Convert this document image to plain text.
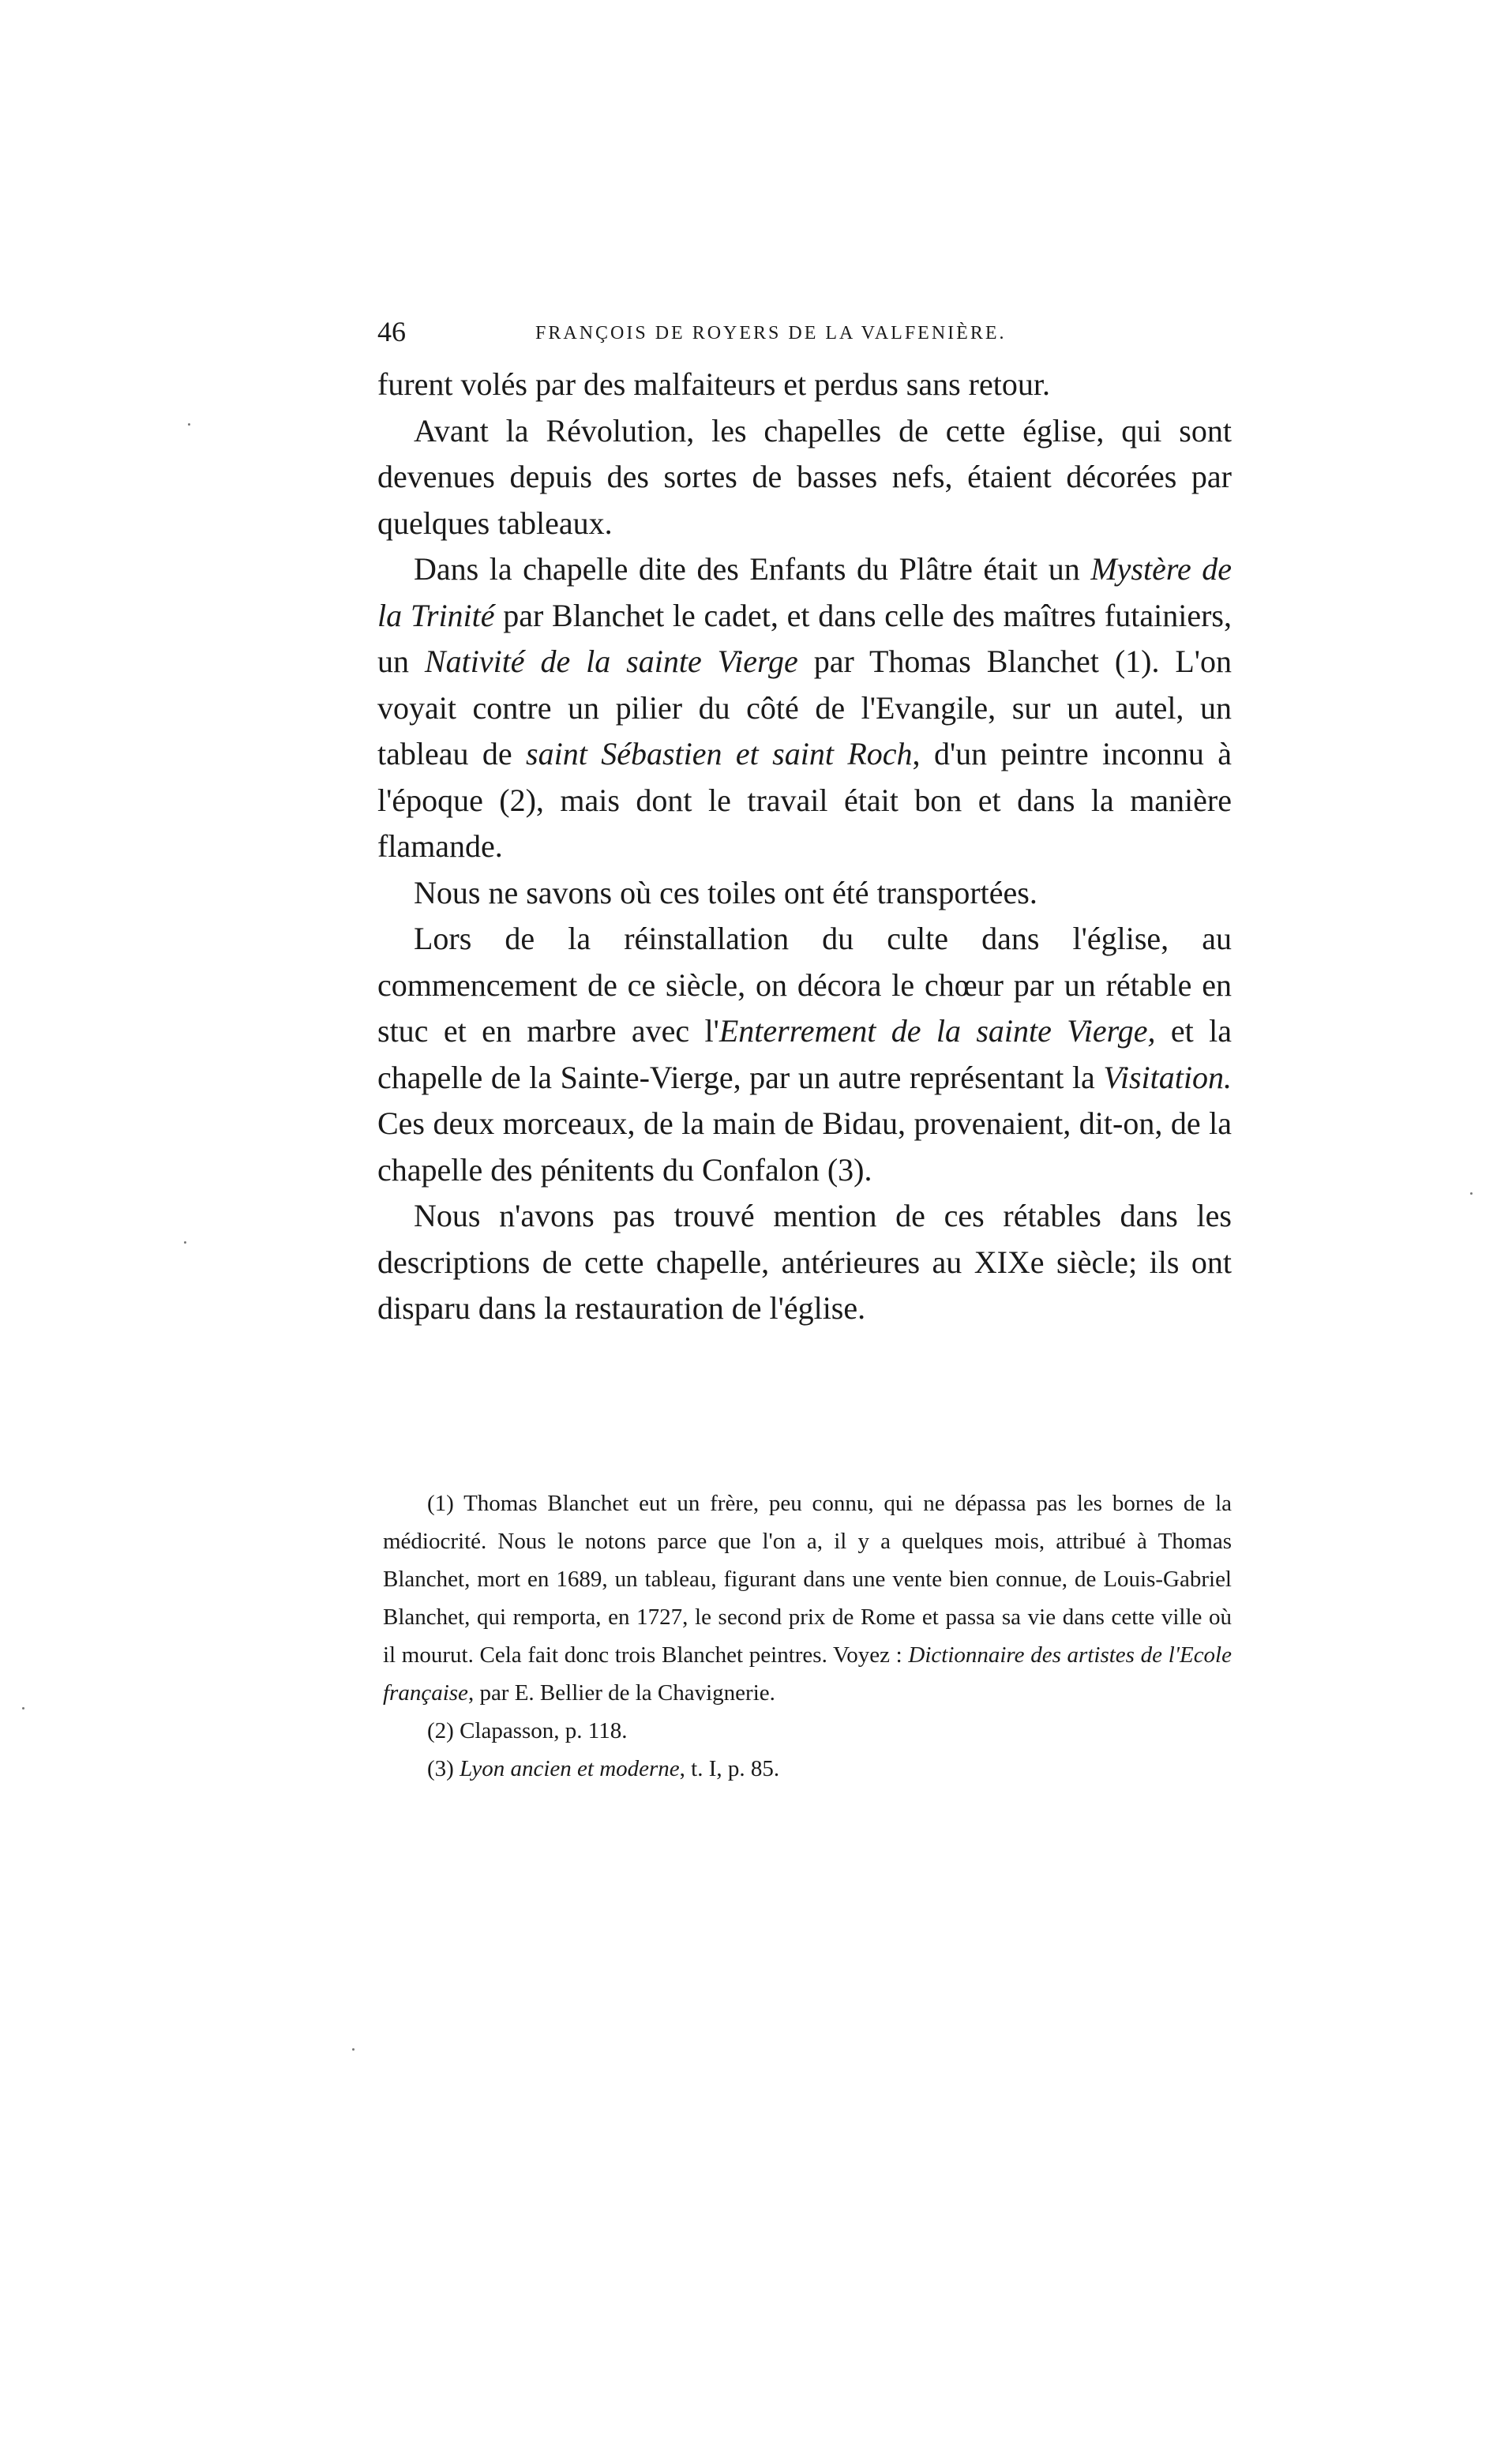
46	FRANÇOIS DE ROYERS DE LA VALFENIÈRE.

furent volés par des malfaiteurs et perdus sans retour.

Avant la Révolution, les chapelles de cette église, qui sont devenues depuis des sortes de basses nefs, étaient décorées par quelques tableaux.

Dans la chapelle dite des Enfants du Plâtre était un Mystère de la Trinité par Blanchet le cadet, et dans celle des maîtres futainiers, un Nativité de la sainte Vierge par Thomas Blanchet (1). L'on voyait contre un pilier du côté de l'Evangile, sur un autel, un tableau de saint Sébastien et saint Roch, d'un peintre inconnu à l'époque (2), mais dont le travail était bon et dans la manière flamande.

Nous ne savons où ces toiles ont été transportées.

Lors de la réinstallation du culte dans l'église, au commencement de ce siècle, on décora le chœur par un rétable en stuc et en marbre avec l'Enterrement de la sainte Vierge, et la chapelle de la Sainte-Vierge, par un autre représentant la Visitation. Ces deux morceaux, de la main de Bidau, provenaient, dit-on, de la chapelle des pénitents du Confalon (3).

Nous n'avons pas trouvé mention de ces rétables dans les descriptions de cette chapelle, antérieures au XIXe siècle; ils ont disparu dans la restauration de l'église.

(1) Thomas Blanchet eut un frère, peu connu, qui ne dépassa pas les bornes de la médiocrité. Nous le notons parce que l'on a, il y a quelques mois, attribué à Thomas Blanchet, mort en 1689, un tableau, figurant dans une vente bien connue, de Louis-Gabriel Blanchet, qui remporta, en 1727, le second prix de Rome et passa sa vie dans cette ville où il mourut. Cela fait donc trois Blanchet peintres. Voyez : Dictionnaire des artistes de l'Ecole française, par E. Bellier de la Chavignerie.

(2) Clapasson, p. 118.

(3) Lyon ancien et moderne, t. I, p. 85.
